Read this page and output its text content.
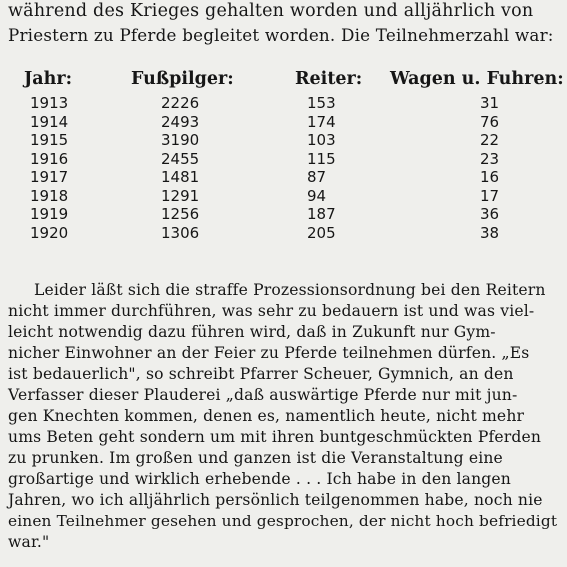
während des Krieges gehalten worden und alljährlich von
Priestern zu Pferde begleitet worden. Die Teilnehmerzahl war:
Jahr:	Fußpilger:	Reiter:	Wagen u. Fuhren:
1913	2226	153	31
1914	2493	174	76
1915	3190	103	22
1916	2455	115	23
1917	1481	87	16
1918	1291	94	17
1919	1256	187	36
1920	1306	205	38
Leider läßt sich die straffe Prozessionsordnung bei den Reitern
nicht immer durchführen, was sehr zu bedauern ist und was viel-
leicht notwendig dazu führen wird, daß in Zukunft nur Gym-
nicher Einwohner an der Feier zu Pferde teilnehmen dürfen. „Es
ist bedauerlich", so schreibt Pfarrer Scheuer, Gymnich, an den
Verfasser dieser Plauderei „daß auswärtige Pferde nur mit jun-
gen Knechten kommen, denen es, namentlich heute, nicht mehr
ums Beten geht sondern um mit ihren buntgeschmückten Pferden
zu prunken. Im großen und ganzen ist die Veranstaltung eine
großartige und wirklich erhebende . . . Ich habe in den langen
Jahren, wo ich alljährlich persönlich teilgenommen habe, noch nie
einen Teilnehmer gesehen und gesprochen, der nicht hoch befriedigt
war."
